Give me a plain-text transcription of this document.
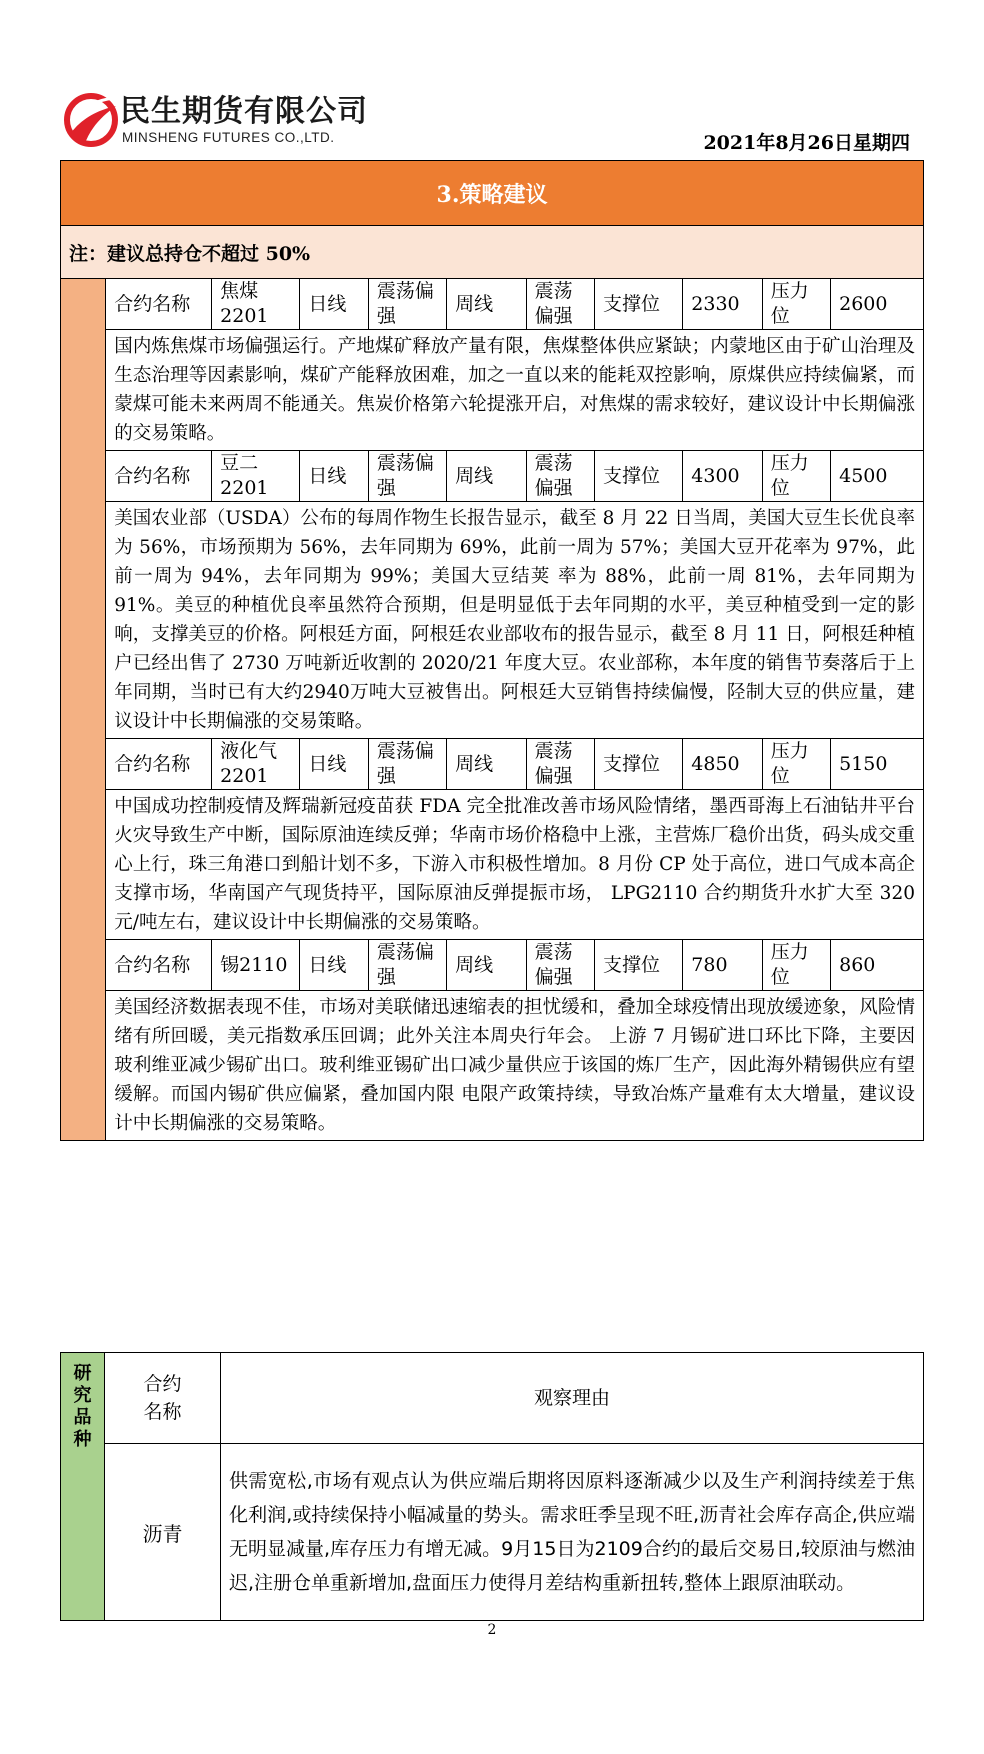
民生期货有限公司
MINSHENG FUTURES CO.,LTD.	2021年8月26日星期四
3.策略建议										
注：建议总持仓不超过 50%										
	合约名称	焦煤2201	日线	震荡偏强	周线	震荡偏强	支撑位	2330	压力位	2600
	国内炼焦煤市场偏强运行。产地煤矿释放产量有限，焦煤整体供应紧缺；内蒙地区由于矿山治理及生态治理等因素影响，煤矿产能释放困难，加之一直以来的能耗双控影响，原煤供应持续偏紧，而蒙煤可能未来两周不能通关。焦炭价格第六轮提涨开启，对焦煤的需求较好，建议设计中长期偏涨的交易策略。									
	合约名称	豆二2201	日线	震荡偏强	周线	震荡偏强	支撑位	4300	压力位	4500
	美国农业部（USDA）公布的每周作物生长报告显示，截至 8 月 22 日当周，美国大豆生长优良率为 56%，市场预期为 56%，去年同期为 69%，此前一周为 57%；美国大豆开花率为 97%，此前一周为 94%，去年同期为 99%；美国大豆结荚 率为 88%，此前一周 81%，去年同期为91%。美豆的种植优良率虽然符合预期，但是明显低于去年同期的水平，美豆种植受到一定的影响，支撑美豆的价格。阿根廷方面，阿根廷农业部收布的报告显示，截至 8 月 11 日，阿根廷种植户已经出售了 2730 万吨新近收割的 2020/21 年度大豆。农业部称，本年度的销售节奏落后于上年同期，当时已有大约2940万吨大豆被售出。阿根廷大豆销售持续偏慢，陉制大豆的供应量，建议设计中长期偏涨的交易策略。									
	合约名称	液化气2201	日线	震荡偏强	周线	震荡偏强	支撑位	4850	压力位	5150
	中国成功控制疫情及辉瑞新冠疫苗获 FDA 完全批准改善市场风险情绪，墨西哥海上石油钻井平台火灾导致生产中断，国际原油连续反弹；华南市场价格稳中上涨，主营炼厂稳价出货，码头成交重心上行，珠三角港口到船计划不多，下游入市积极性增加。8 月份 CP 处于高位，进口气成本高企支撑市场，华南国产气现货持平，国际原油反弹提振市场， LPG2110 合约期货升水扩大至 320 元/吨左右，建议设计中长期偏涨的交易策略。									
	合约名称	锡2110	日线	震荡偏强	周线	震荡偏强	支撑位	780	压力位	860
	美国经济数据表现不佳，市场对美联储迅速缩表的担忧缓和，叠加全球疫情出现放缓迹象，风险情绪有所回暖，美元指数承压回调；此外关注本周央行年会。 上游 7 月锡矿进口环比下降，主要因玻利维亚减少锡矿出口。玻利维亚锡矿出口减少量供应于该国的炼厂生产，因此海外精锡供应有望缓解。而国内锡矿供应偏紧，叠加国内限 电限产政策持续，导致冶炼产量难有太大增量，建议设计中长期偏涨的交易策略。									
研究品种	合约名称	观察理由
	沥青	供需宽松,市场有观点认为供应端后期将因原料逐渐减少以及生产利润持续差于焦化利润,或持续保持小幅减量的势头。需求旺季呈现不旺,沥青社会库存高企,供应端无明显减量,库存压力有增无减。9月15日为2109合约的最后交易日,较原油与燃油迟,注册仓单重新增加,盘面压力使得月差结构重新扭转,整体上跟原油联动。
2
